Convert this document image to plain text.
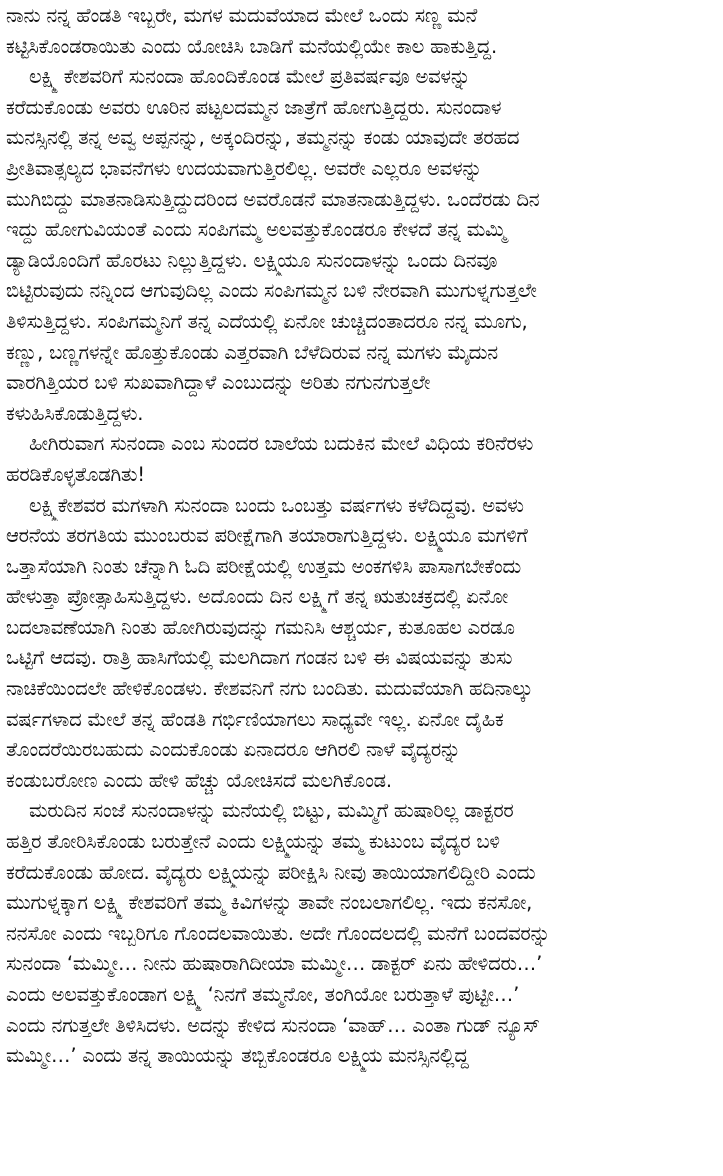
ನಾನು ನನ್ನ ಹೆಂಡತಿ ಇಬ್ಬರೇ, ಮಗಳ ಮದುವೆಯಾದ ಮೇಲೆ ಒಂದು ಸಣ್ಣ ಮನೆ
ಕಟ್ಟಿಸಿಕೊಂಡರಾಯಿತು ಎಂದು ಯೋಚಿಸಿ ಬಾಡಿಗೆ ಮನೆಯಲ್ಲಿಯೇ ಕಾಲ ಹಾಕುತ್ತಿದ್ದ.
ಲಕ್ಷ್ಮಿ ಕೇಶವರಿಗೆ ಸುನಂದಾ ಹೊಂದಿಕೊಂಡ ಮೇಲೆ ಪ್ರತಿವರ್ಷವೂ ಅವಳನ್ನು
ಕರೆದುಕೊಂಡು ಅವರು ಊರಿನ ಪಟ್ಟಲದಮ್ಮನ ಜಾತ್ರೆಗೆ ಹೋಗುತ್ತಿದ್ದರು. ಸುನಂದಾಳ
ಮನಸ್ಸಿನಲ್ಲಿ ತನ್ನ ಅವ್ವ ಅಪ್ಪನನ್ನು, ಅಕ್ಕಂದಿರನ್ನು, ತಮ್ಮನನ್ನು ಕಂಡು ಯಾವುದೇ ತರಹದ
ಪ್ರೀತಿವಾತ್ಸಲ್ಯದ ಭಾವನೆಗಳು ಉದಯವಾಗುತ್ತಿರಲಿಲ್ಲ. ಅವರೇ ಎಲ್ಲರೂ ಅವಳನ್ನು
ಮುಗಿಬಿದ್ದು ಮಾತನಾಡಿಸುತ್ತಿದ್ದುದರಿಂದ ಅವರೊಡನೆ ಮಾತನಾಡುತ್ತಿದ್ದಳು. ಒಂದೆರಡು ದಿನ
ಇದ್ದು ಹೋಗುವಿಯಂತೆ ಎಂದು ಸಂಪಿಗಮ್ಮ ಅಲವತ್ತುಕೊಂಡರೂ ಕೇಳದೆ ತನ್ನ ಮಮ್ಮಿ
ಡ್ಯಾಡಿಯೊಂದಿಗೆ ಹೊರಟು ನಿಲ್ಲುತ್ತಿದ್ದಳು. ಲಕ್ಷ್ಮಿಯೂ ಸುನಂದಾಳನ್ನು ಒಂದು ದಿನವೂ
ಬಿಟ್ಟಿರುವುದು ನನ್ನಿಂದ ಆಗುವುದಿಲ್ಲ ಎಂದು ಸಂಪಿಗಮ್ಮನ ಬಳಿ ನೇರವಾಗಿ ಮುಗುಳ್ನಗುತ್ತಲೇ
ತಿಳಿಸುತ್ತಿದ್ದಳು. ಸಂಪಿಗಮ್ಮನಿಗೆ ತನ್ನ ಎದೆಯಲ್ಲಿ ಏನೋ ಚುಚ್ಚಿದಂತಾದರೂ ನನ್ನ ಮೂಗು,
ಕಣ್ಣು, ಬಣ್ಣಗಳನ್ನೇ ಹೊತ್ತುಕೊಂಡು ಎತ್ತರವಾಗಿ ಬೆಳೆದಿರುವ ನನ್ನ ಮಗಳು ಮೈದುನ
ವಾರಗಿತ್ತಿಯರ ಬಳಿ ಸುಖವಾಗಿದ್ದಾಳೆ ಎಂಬುದನ್ನು ಅರಿತು ನಗುನಗುತ್ತಲೇ
ಕಳುಹಿಸಿಕೊಡುತ್ತಿದ್ದಳು.
ಹೀಗಿರುವಾಗ ಸುನಂದಾ ಎಂಬ ಸುಂದರ ಬಾಲೆಯ ಬದುಕಿನ ಮೇಲೆ ವಿಧಿಯ ಕರಿನೆರಳು
ಹರಡಿಕೊಳ್ಳತೊಡಗಿತು!
ಲಕ್ಷ್ಮಿಕೇಶವರ ಮಗಳಾಗಿ ಸುನಂದಾ ಬಂದು ಒಂಬತ್ತು ವರ್ಷಗಳು ಕಳೆದಿದ್ದವು. ಅವಳು
ಆರನೆಯ ತರಗತಿಯ ಮುಂಬರುವ ಪರೀಕ್ಷೆಗಾಗಿ ತಯಾರಾಗುತ್ತಿದ್ದಳು. ಲಕ್ಷ್ಮಿಯೂ ಮಗಳಿಗೆ
ಒತ್ತಾಸೆಯಾಗಿ ನಿಂತು ಚೆನ್ನಾಗಿ ಓದಿ ಪರೀಕ್ಷೆಯಲ್ಲಿ ಉತ್ತಮ ಅಂಕಗಳಿಸಿ ಪಾಸಾಗಬೇಕೆಂದು
ಹೇಳುತ್ತಾ ಪ್ರೋತ್ಸಾಹಿಸುತ್ತಿದ್ದಳು. ಅದೊಂದು ದಿನ ಲಕ್ಷ್ಮಿಗೆ ತನ್ನ ಋತುಚಕ್ರದಲ್ಲಿ ಏನೋ
ಬದಲಾವಣೆಯಾಗಿ ನಿಂತು ಹೋಗಿರುವುದನ್ನು ಗಮನಿಸಿ ಆಶ್ಚರ್ಯ, ಕುತೂಹಲ ಎರಡೂ
ಒಟ್ಟಿಗೆ ಆದವು. ರಾತ್ರಿ ಹಾಸಿಗೆಯಲ್ಲಿ ಮಲಗಿದಾಗ ಗಂಡನ ಬಳಿ ಈ ವಿಷಯವನ್ನು ತುಸು
ನಾಚಿಕೆಯಿಂದಲೇ ಹೇಳಿಕೊಂಡಳು. ಕೇಶವನಿಗೆ ನಗು ಬಂದಿತು. ಮದುವೆಯಾಗಿ ಹದಿನಾಲ್ಕು
ವರ್ಷಗಳಾದ ಮೇಲೆ ತನ್ನ ಹೆಂಡತಿ ಗರ್ಭಿಣಿಯಾಗಲು ಸಾಧ್ಯವೇ ಇಲ್ಲ. ಏನೋ ದೈಹಿಕ
ತೊಂದರೆಯಿರಬಹುದು ಎಂದುಕೊಂಡು ಏನಾದರೂ ಆಗಿರಲಿ ನಾಳೆ ವೈದ್ಯರನ್ನು
ಕಂಡುಬರೋಣ ಎಂದು ಹೇಳಿ ಹೆಚ್ಚು ಯೋಚಿಸದೆ ಮಲಗಿಕೊಂಡ.
ಮರುದಿನ ಸಂಜೆ ಸುನಂದಾಳನ್ನು ಮನೆಯಲ್ಲಿ ಬಿಟ್ಟು, ಮಮ್ಮಿಗೆ ಹುಷಾರಿಲ್ಲ ಡಾಕ್ಟರರ
ಹತ್ತಿರ ತೋರಿಸಿಕೊಂಡು ಬರುತ್ತೇನೆ ಎಂದು ಲಕ್ಷ್ಮಿಯನ್ನು ತಮ್ಮ ಕುಟುಂಬ ವೈದ್ಯರ ಬಳಿ
ಕರೆದುಕೊಂಡು ಹೋದ. ವೈದ್ಯರು ಲಕ್ಷ್ಮಿಯನ್ನು ಪರೀಕ್ಷಿಸಿ ನೀವು ತಾಯಿಯಾಗಲಿದ್ದೀರಿ ಎಂದು
ಮುಗುಳ್ನಕ್ಕಾಗ ಲಕ್ಷ್ಮಿ ಕೇಶವರಿಗೆ ತಮ್ಮ ಕಿವಿಗಳನ್ನು ತಾವೇ ನಂಬಲಾಗಲಿಲ್ಲ. ಇದು ಕನಸೋ,
ನನಸೋ ಎಂದು ಇಬ್ಬರಿಗೂ ಗೊಂದಲವಾಯಿತು. ಅದೇ ಗೊಂದಲದಲ್ಲಿ ಮನೆಗೆ ಬಂದವರನ್ನು
ಸುನಂದಾ ‘ಮಮ್ಮೀ… ನೀನು ಹುಷಾರಾಗಿದೀಯಾ ಮಮ್ಮೀ… ಡಾಕ್ಟರ್ ಏನು ಹೇಳಿದರು…’
ಎಂದು ಅಲವತ್ತುಕೊಂಡಾಗ ಲಕ್ಷ್ಮಿ ‘ನಿನಗೆ ತಮ್ಮನೋ, ತಂಗಿಯೋ ಬರುತ್ತಾಳೆ ಪುಟ್ಟೀ…’
ಎಂದು ನಗುತ್ತಲೇ ತಿಳಿಸಿದಳು. ಅದನ್ನು ಕೇಳಿದ ಸುನಂದಾ ‘ವಾಹ್… ಎಂತಾ ಗುಡ್ ನ್ಯೂಸ್
ಮಮ್ಮೀ…’ ಎಂದು ತನ್ನ ತಾಯಿಯನ್ನು ತಬ್ಬಿಕೊಂಡರೂ ಲಕ್ಷ್ಮಿಯ ಮನಸ್ಸಿನಲ್ಲಿದ್ದ
